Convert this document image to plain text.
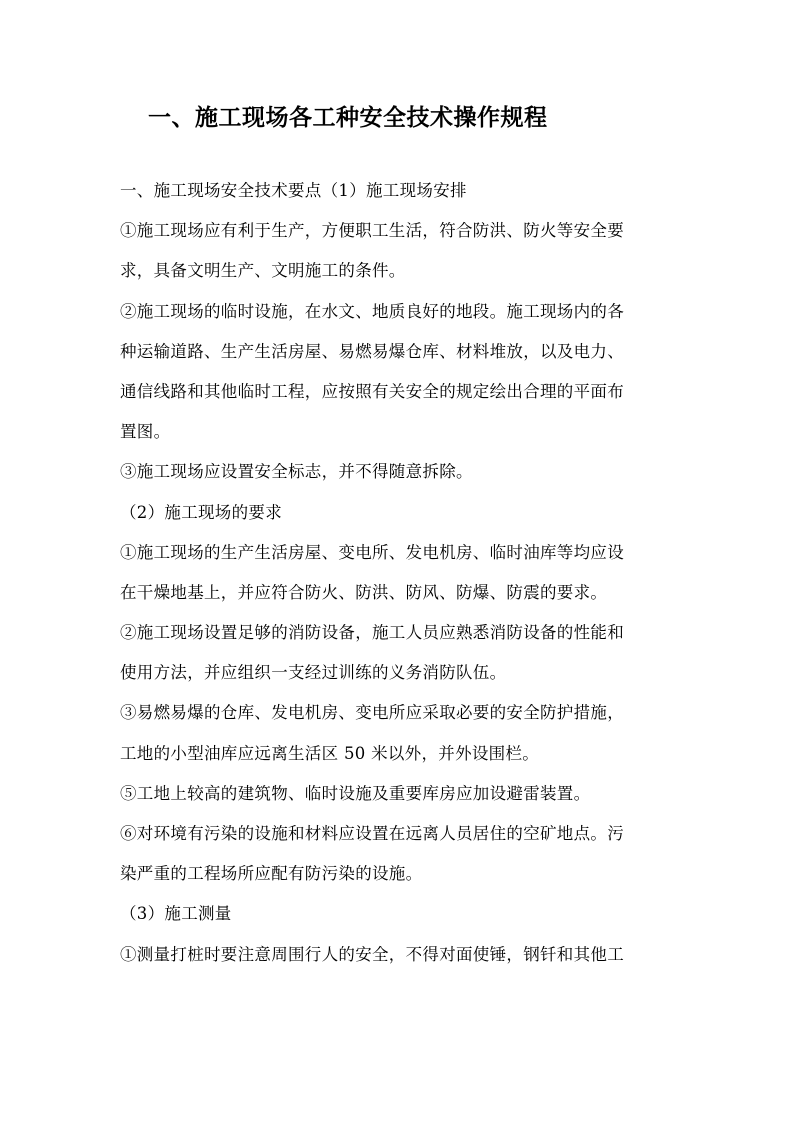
一、施工现场各工种安全技术操作规程
一、施工现场安全技术要点（1）施工现场安排
①施工现场应有利于生产，方便职工生活，符合防洪、防火等安全要
求，具备文明生产、文明施工的条件。
②施工现场的临时设施，在水文、地质良好的地段。施工现场内的各
种运输道路、生产生活房屋、易燃易爆仓库、材料堆放，以及电力、
通信线路和其他临时工程，应按照有关安全的规定绘出合理的平面布
置图。
③施工现场应设置安全标志，并不得随意拆除。
（2）施工现场的要求
①施工现场的生产生活房屋、变电所、发电机房、临时油库等均应设
在干燥地基上，并应符合防火、防洪、防风、防爆、防震的要求。
②施工现场设置足够的消防设备，施工人员应熟悉消防设备的性能和
使用方法，并应组织一支经过训练的义务消防队伍。
③易燃易爆的仓库、发电机房、变电所应采取必要的安全防护措施，
工地的小型油库应远离生活区 50 米以外，并外设围栏。
⑤工地上较高的建筑物、临时设施及重要库房应加设避雷装置。
⑥对环境有污染的设施和材料应设置在远离人员居住的空矿地点。污
染严重的工程场所应配有防污染的设施。
（3）施工测量
①测量打桩时要注意周围行人的安全，不得对面使锤，钢钎和其他工
